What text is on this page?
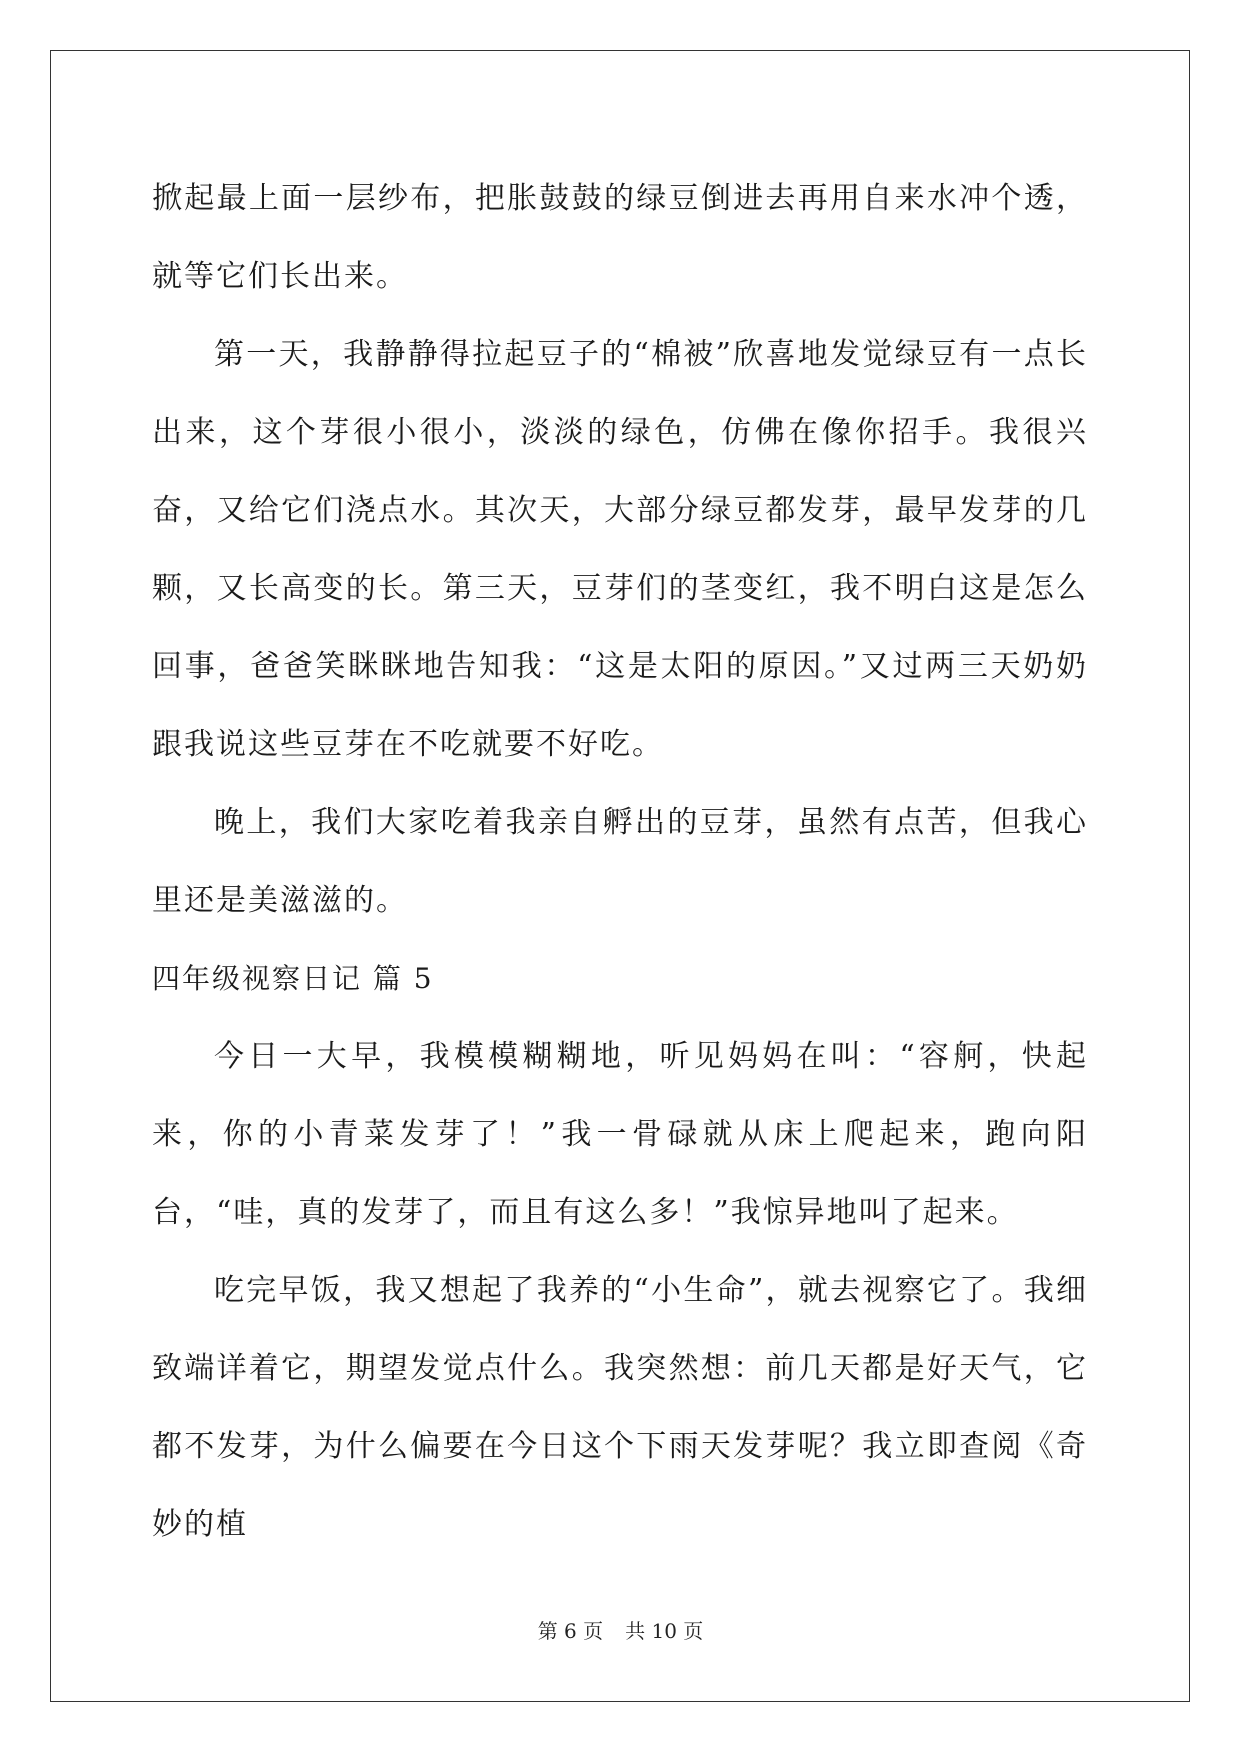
掀起最上面一层纱布，把胀鼓鼓的绿豆倒进去再用自来水冲个透，就等它们长出来。

第一天，我静静得拉起豆子的“棉被”欣喜地发觉绿豆有一点长出来，这个芽很小很小，淡淡的绿色，仿佛在像你招手。我很兴奋，又给它们浇点水。其次天，大部分绿豆都发芽，最早发芽的几颗，又长高变的长。第三天，豆芽们的茎变红，我不明白这是怎么回事，爸爸笑眯眯地告知我：“这是太阳的原因。”又过两三天奶奶跟我说这些豆芽在不吃就要不好吃。

晚上，我们大家吃着我亲自孵出的豆芽，虽然有点苦，但我心里还是美滋滋的。

四年级视察日记 篇 5

今日一大早，我模模糊糊地，听见妈妈在叫：“容舸，快起来，你的小青菜发芽了！”我一骨碌就从床上爬起来，跑向阳台，“哇，真的发芽了，而且有这么多！”我惊异地叫了起来。

吃完早饭，我又想起了我养的“小生命”，就去视察它了。我细致端详着它，期望发觉点什么。我突然想：前几天都是好天气，它都不发芽，为什么偏要在今日这个下雨天发芽呢？我立即查阅《奇妙的植

第 6 页 共 10 页
